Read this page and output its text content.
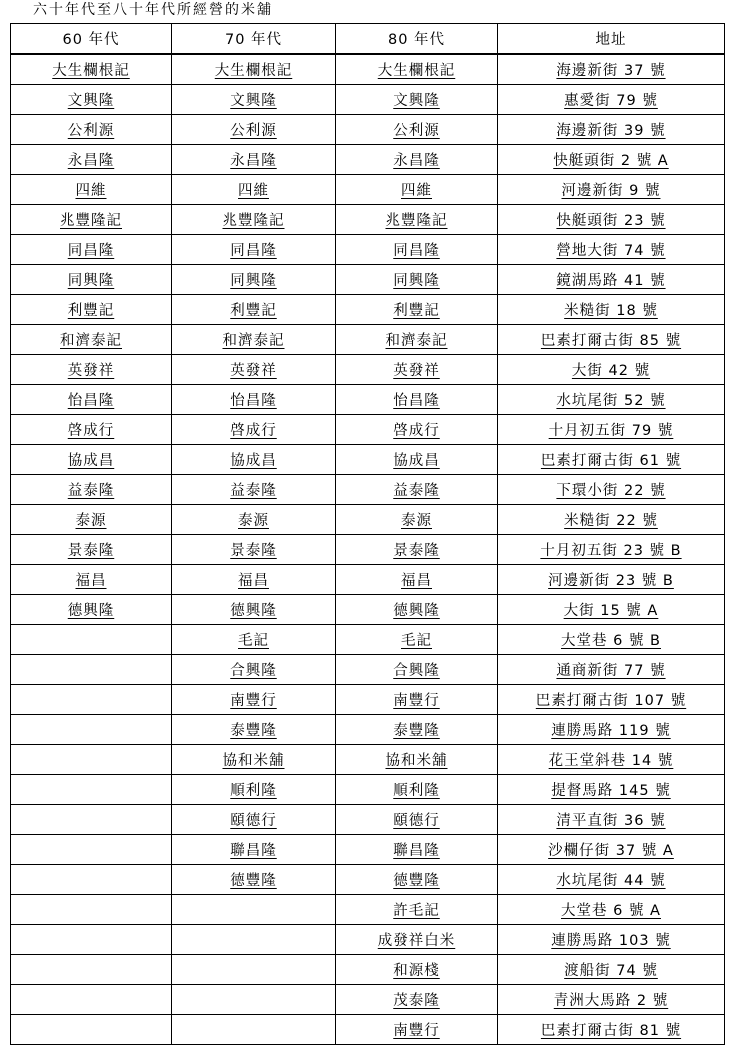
六十年代至八十年代所經營的米舖
60 年代	70 年代	80 年代	地址
大生欄根記	大生欄根記	大生欄根記	海邊新街 37 號
文興隆	文興隆	文興隆	惠愛街 79 號
公利源	公利源	公利源	海邊新街 39 號
永昌隆	永昌隆	永昌隆	快艇頭街 2 號 A
四維	四維	四維	河邊新街 9 號
兆豐隆記	兆豐隆記	兆豐隆記	快艇頭街 23 號
同昌隆	同昌隆	同昌隆	營地大街 74 號
同興隆	同興隆	同興隆	鏡湖馬路 41 號
利豐記	利豐記	利豐記	米糙街 18 號
和濟泰記	和濟泰記	和濟泰記	巴素打爾古街 85 號
英發祥	英發祥	英發祥	大街 42 號
怡昌隆	怡昌隆	怡昌隆	水坑尾街 52 號
啓成行	啓成行	啓成行	十月初五街 79 號
協成昌	協成昌	協成昌	巴素打爾古街 61 號
益泰隆	益泰隆	益泰隆	下環小街 22 號
泰源	泰源	泰源	米糙街 22 號
景泰隆	景泰隆	景泰隆	十月初五街 23 號 B
福昌	福昌	福昌	河邊新街 23 號 B
德興隆	德興隆	德興隆	大街 15 號 A
	毛記	毛記	大堂巷 6 號 B
	合興隆	合興隆	通商新街 77 號
	南豐行	南豐行	巴素打爾古街 107 號
	泰豐隆	泰豐隆	連勝馬路 119 號
	協和米舖	協和米舖	花王堂斜巷 14 號
	順利隆	順利隆	提督馬路 145 號
	頤德行	頤德行	清平直街 36 號
	聯昌隆	聯昌隆	沙欄仔街 37 號 A
	德豐隆	德豐隆	水坑尾街 44 號
		許毛記	大堂巷 6 號 A
		成發祥白米	連勝馬路 103 號
		和源棧	渡船街 74 號
		茂泰隆	青洲大馬路 2 號
		南豐行	巴素打爾古街 81 號
